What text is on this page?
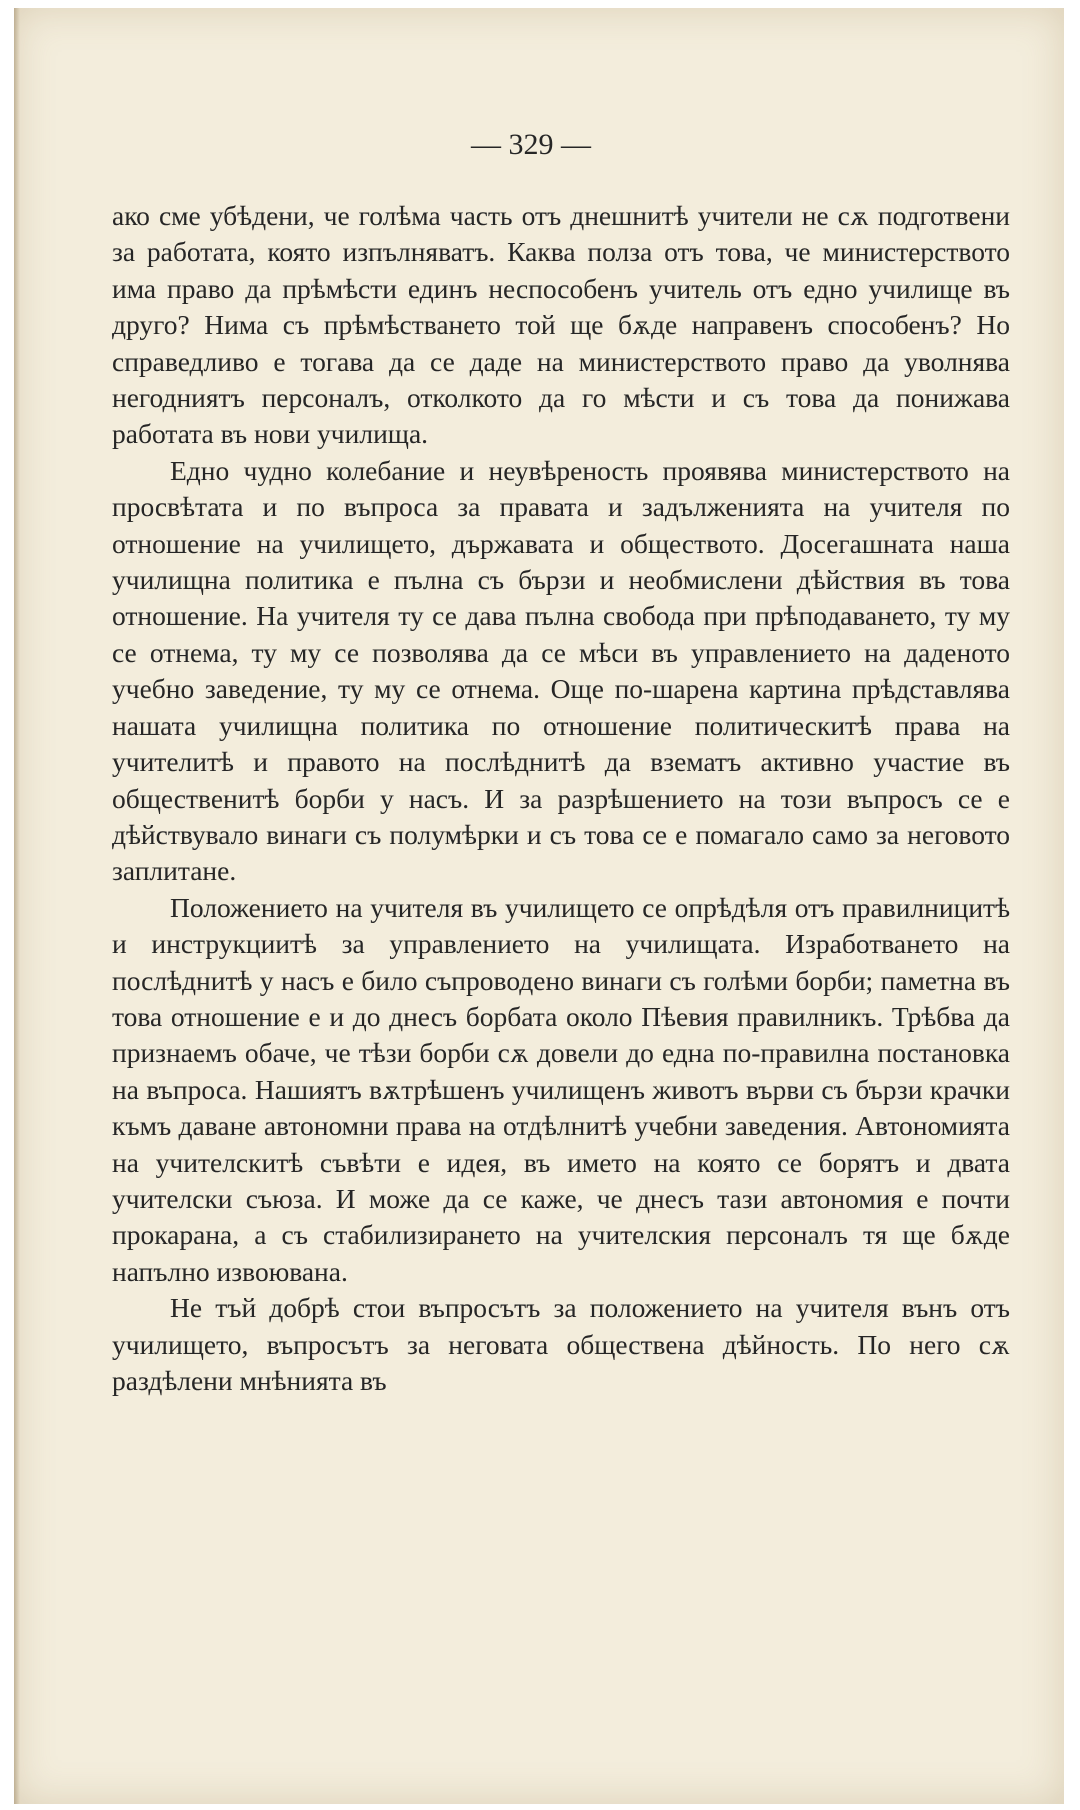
— 329 —

ако сме убѣдени, че голѣма часть отъ днешнитѣ учители не сѫ подготвени за работата, която изпълняватъ. Каква полза отъ това, че министерството има право да прѣмѣсти единъ неспособенъ учитель отъ едно училище въ друго? Нима съ прѣмѣстването той ще бѫде направенъ способенъ? Но справедливо е тогава да се даде на министерството право да уволнява негодниятъ персоналъ, отколкото да го мѣсти и съ това да понижава работата въ нови училища.

Едно чудно колебание и неувѣреность проявява министерството на просвѣтата и по въпроса за правата и задълженията на учителя по отношение на училището, държавата и обществото. Досегашната наша училищна политика е пълна съ бързи и необмислени дѣйствия въ това отношение. На учителя ту се дава пълна свобода при прѣподаването, ту му се отнема, ту му се позволява да се мѣси въ управлението на даденото учебно заведение, ту му се отнема. Още по-шарена картина прѣдставлява нашата училищна политика по отношение политическитѣ права на учителитѣ и правото на послѣднитѣ да взематъ активно участие въ общественитѣ борби у насъ. И за разрѣшението на този въпросъ се е дѣйствувало винаги съ полумѣрки и съ това се е помагало само за неговото заплитане.

Положението на учителя въ училището се опрѣдѣля отъ правилницитѣ и инструкциитѣ за управлението на училищата. Изработването на послѣднитѣ у насъ е било съпроводено винаги съ голѣми борби; паметна въ това отношение е и до днесъ борбата около Пѣевия правилникъ. Трѣбва да признаемъ обаче, че тѣзи борби сѫ довели до една по-правилна постановка на въпроса. Нашиятъ вѫтрѣшенъ училищенъ животъ върви съ бързи крачки къмъ даване автономни права на отдѣлнитѣ учебни заведения. Автономията на учителскитѣ съвѣти е идея, въ името на която се борятъ и двата учителски съюза. И може да се каже, че днесъ тази автономия е почти прокарана, а съ стабилизирането на учителския персоналъ тя ще бѫде напълно извоювана.

Не тъй добрѣ стои въпросътъ за положението на учителя вънъ отъ училището, въпросътъ за неговата обществена дѣйность. По него сѫ раздѣлени мнѣнията въ
